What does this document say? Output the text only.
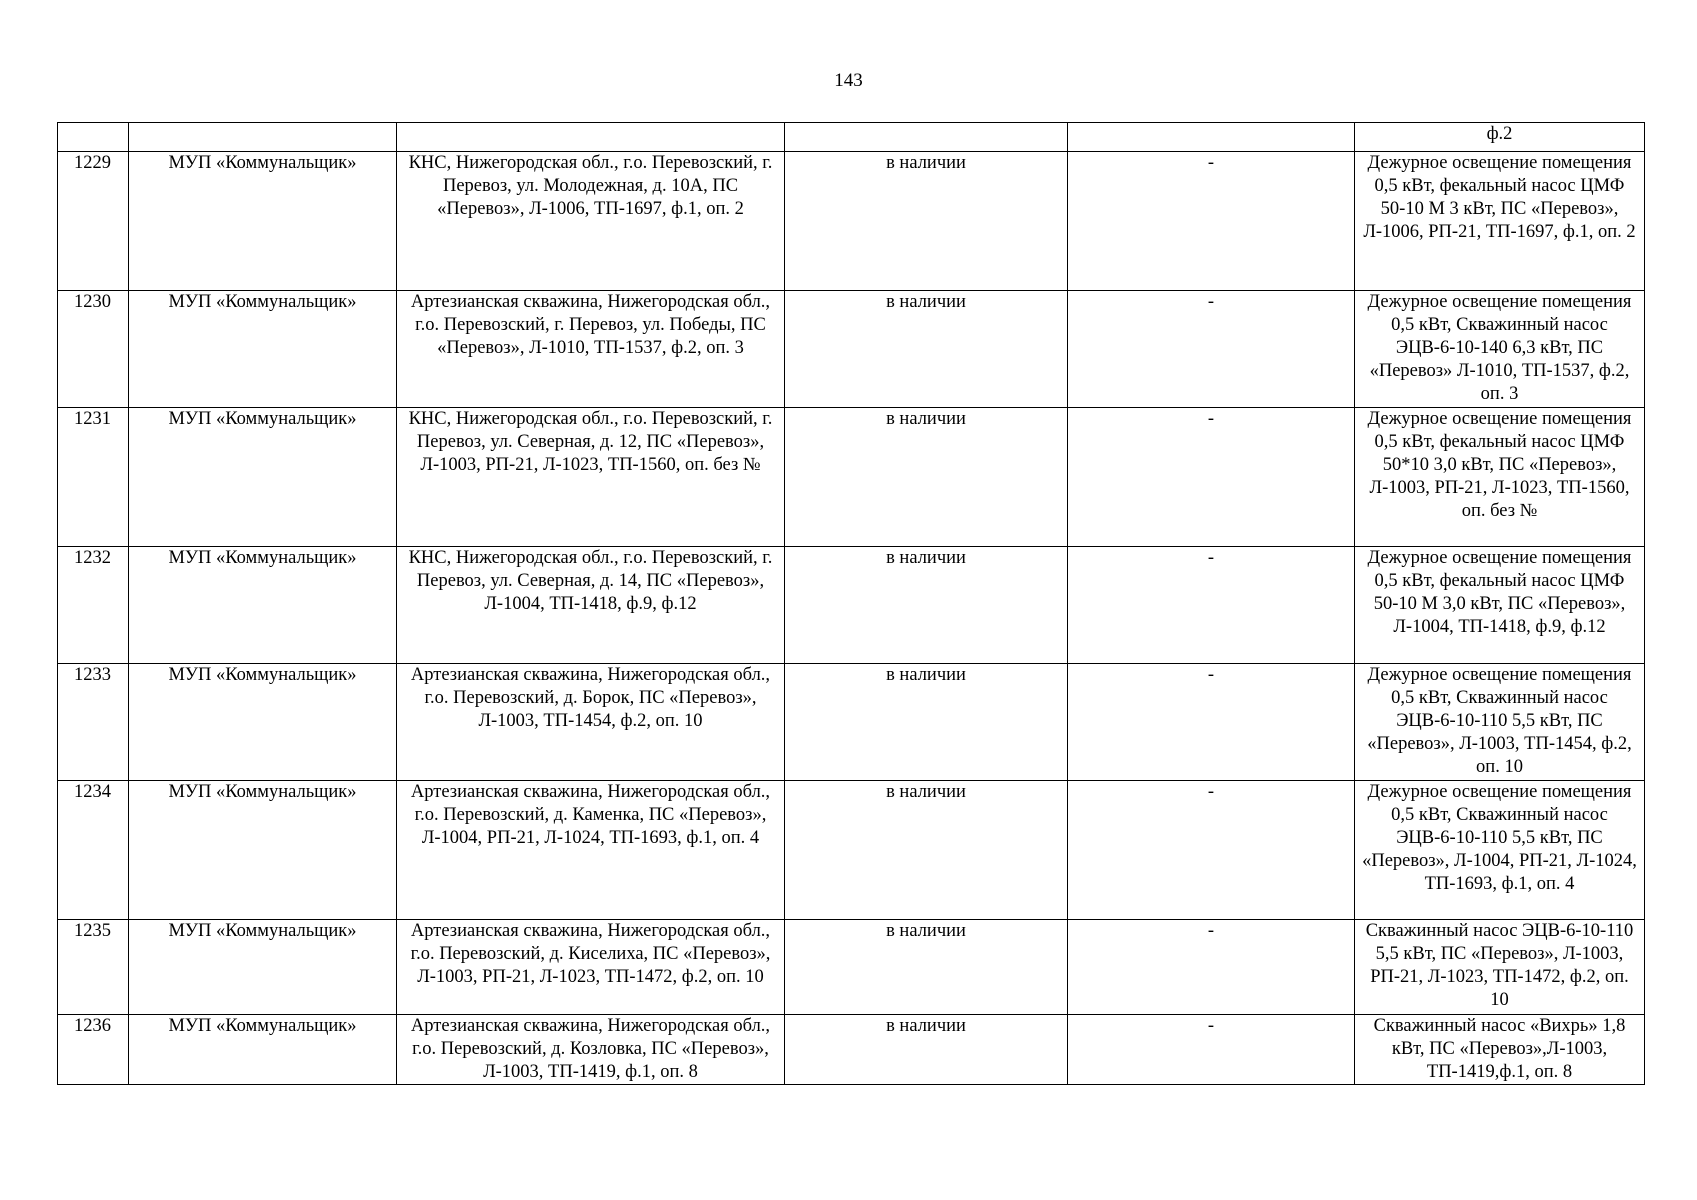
143
					ф.2
1229	МУП «Коммунальщик»	КНС, Нижегородская обл., г.о. Перевозский, г. Перевоз, ул. Молодежная, д. 10А, ПС «Перевоз», Л-1006, ТП-1697, ф.1, оп. 2	в наличии	-	Дежурное освещение помещения 0,5 кВт, фекальный насос ЦМФ 50-10 М 3 кВт, ПС «Перевоз», Л-1006, РП-21, ТП-1697, ф.1, оп. 2
1230	МУП «Коммунальщик»	Артезианская скважина, Нижегородская обл., г.о. Перевозский, г. Перевоз, ул. Победы, ПС «Перевоз», Л-1010, ТП-1537, ф.2, оп. 3	в наличии	-	Дежурное освещение помещения 0,5 кВт, Скважинный насос ЭЦВ-6-10-140 6,3 кВт, ПС «Перевоз» Л-1010, ТП-1537, ф.2, оп. 3
1231	МУП «Коммунальщик»	КНС, Нижегородская обл., г.о. Перевозский, г. Перевоз, ул. Северная, д. 12, ПС «Перевоз», Л-1003, РП-21, Л-1023, ТП-1560, оп. без №	в наличии	-	Дежурное освещение помещения 0,5 кВт, фекальный насос ЦМФ 50*10 3,0 кВт, ПС «Перевоз», Л-1003, РП-21, Л-1023, ТП-1560, оп. без №
1232	МУП «Коммунальщик»	КНС, Нижегородская обл., г.о. Перевозский, г. Перевоз, ул. Северная, д. 14, ПС «Перевоз», Л-1004, ТП-1418, ф.9, ф.12	в наличии	-	Дежурное освещение помещения 0,5 кВт, фекальный насос ЦМФ 50-10 М 3,0 кВт, ПС «Перевоз», Л-1004, ТП-1418, ф.9, ф.12
1233	МУП «Коммунальщик»	Артезианская скважина, Нижегородская обл., г.о. Перевозский, д. Борок, ПС «Перевоз», Л-1003, ТП-1454, ф.2, оп. 10	в наличии	-	Дежурное освещение помещения 0,5 кВт, Скважинный насос ЭЦВ-6-10-110 5,5 кВт, ПС «Перевоз», Л-1003, ТП-1454, ф.2, оп. 10
1234	МУП «Коммунальщик»	Артезианская скважина, Нижегородская обл., г.о. Перевозский, д. Каменка, ПС «Перевоз», Л-1004, РП-21, Л-1024, ТП-1693, ф.1, оп. 4	в наличии	-	Дежурное освещение помещения 0,5 кВт, Скважинный насос ЭЦВ-6-10-110 5,5 кВт, ПС «Перевоз», Л-1004, РП-21, Л-1024, ТП-1693, ф.1, оп. 4
1235	МУП «Коммунальщик»	Артезианская скважина, Нижегородская обл., г.о. Перевозский, д. Киселиха, ПС «Перевоз», Л-1003, РП-21, Л-1023, ТП-1472, ф.2, оп. 10	в наличии	-	Скважинный насос ЭЦВ-6-10-110 5,5 кВт, ПС «Перевоз», Л-1003, РП-21, Л-1023, ТП-1472, ф.2, оп. 10
1236	МУП «Коммунальщик»	Артезианская скважина, Нижегородская обл., г.о. Перевозский, д. Козловка, ПС «Перевоз», Л-1003, ТП-1419, ф.1, оп. 8	в наличии	-	Скважинный насос «Вихрь» 1,8 кВт, ПС «Перевоз»,Л-1003, ТП-1419,ф.1, оп. 8
